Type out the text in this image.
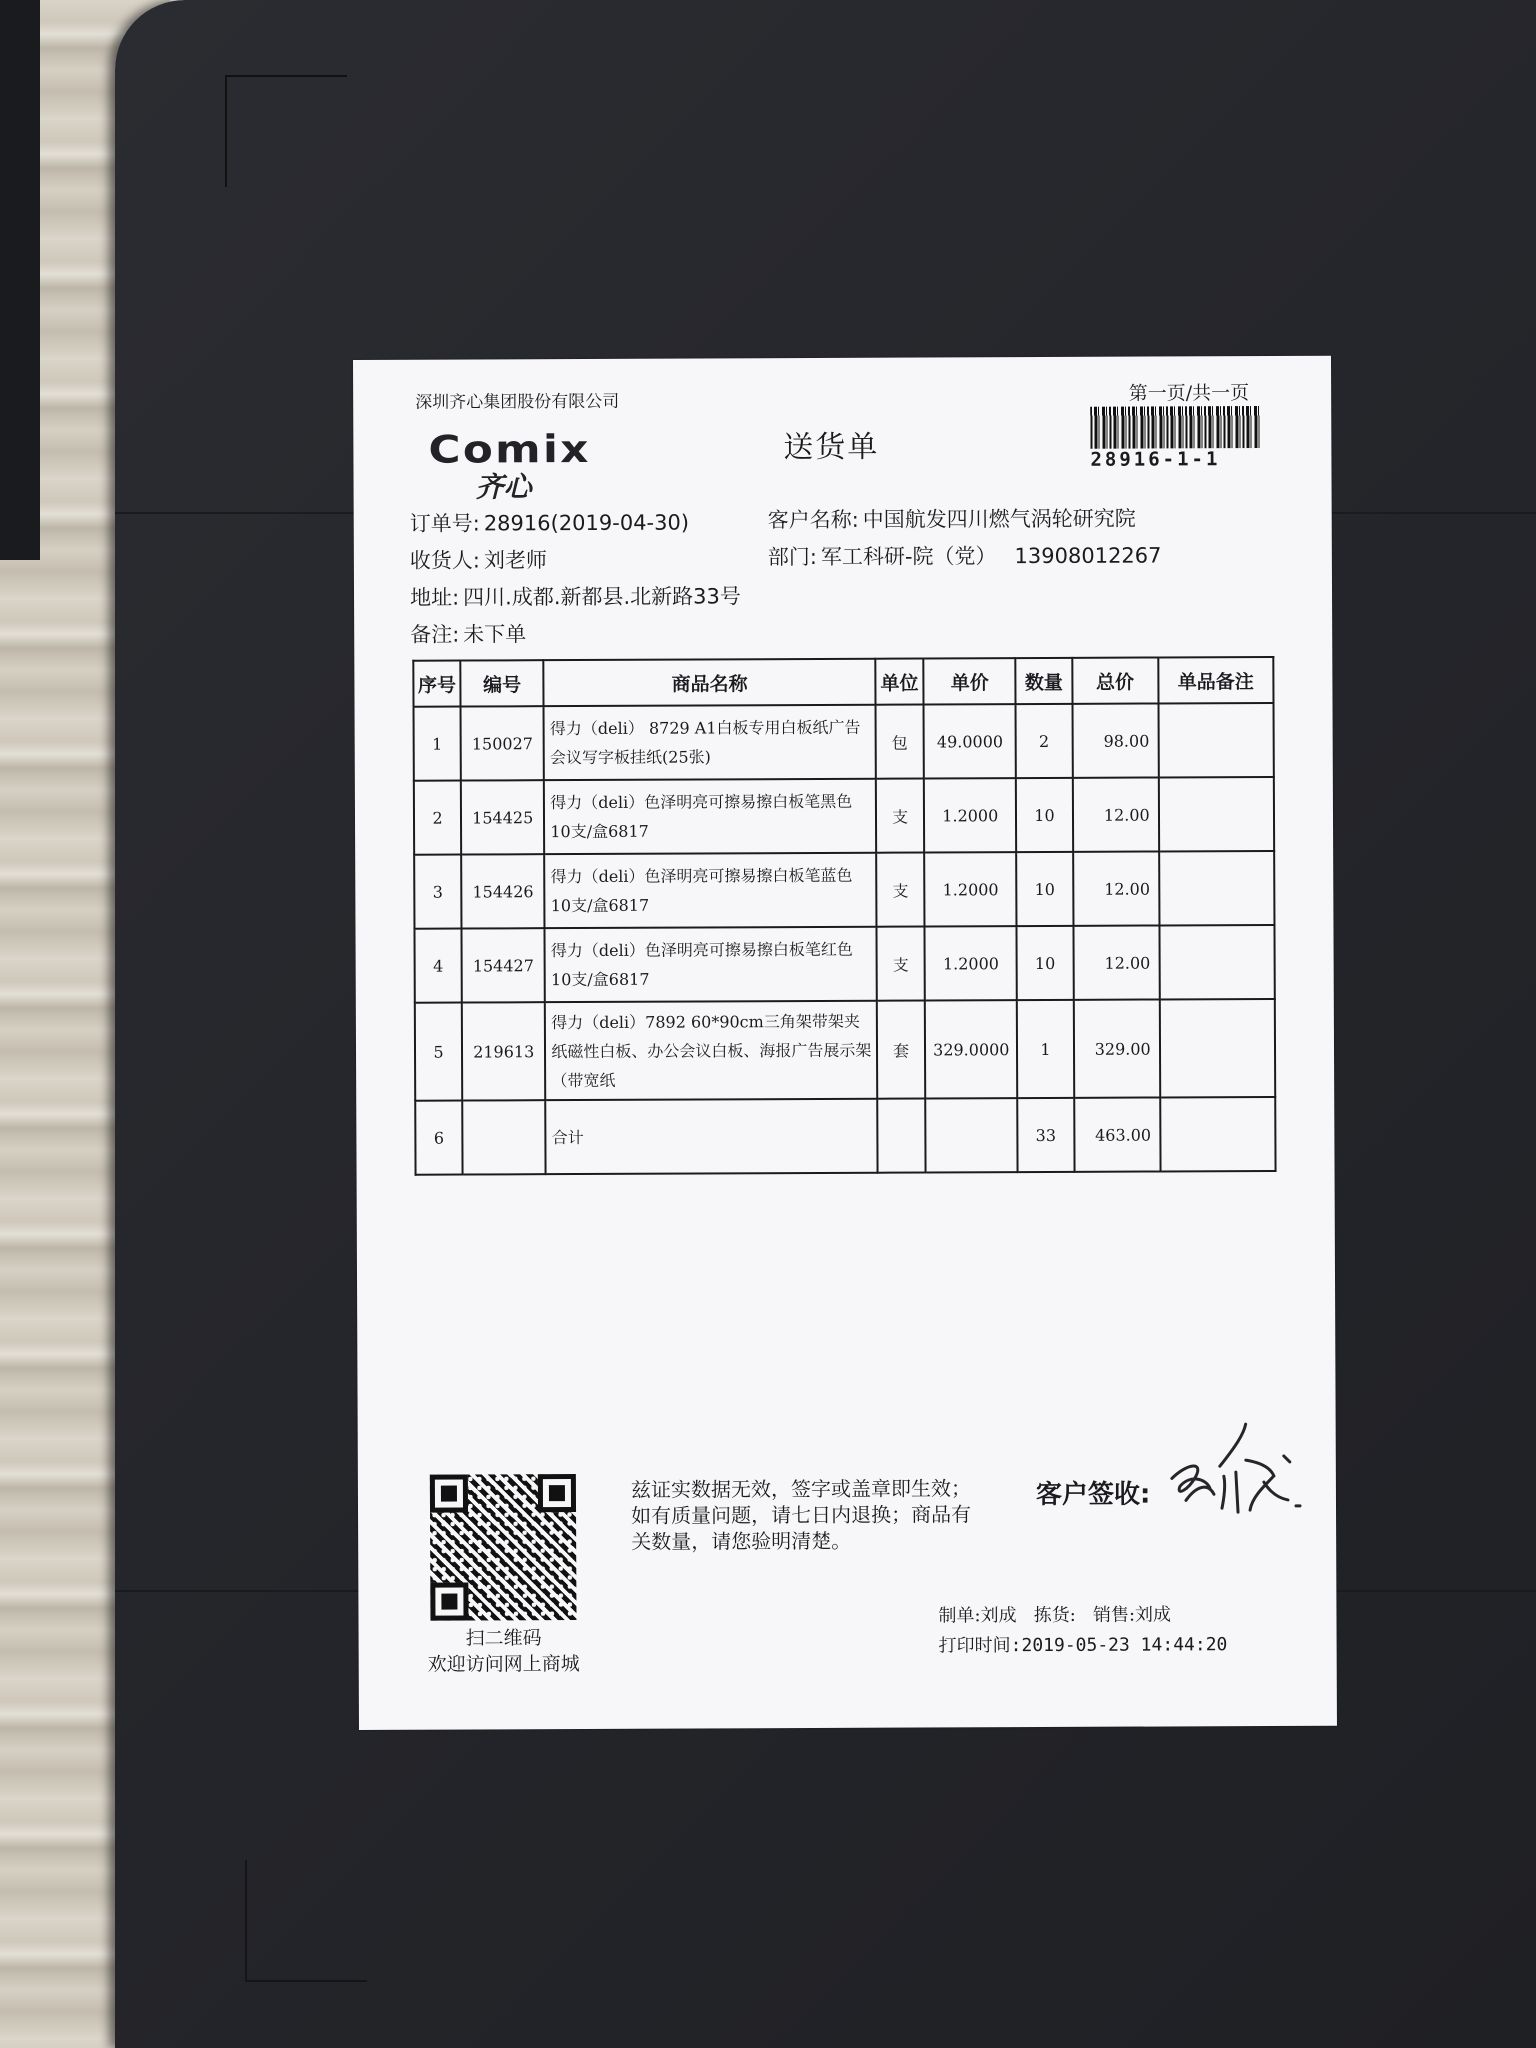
深圳齐心集团股份有限公司	第一页/共一页
28916-1-1
Comix
齐心
送货单
订单号: 28916(2019-04-30)
收货人: 刘老师
地址: 四川.成都.新都县.北新路33号
备注: 未下单
客户名称: 中国航发四川燃气涡轮研究院
部门: 军工科研-院（党） 13908012267
序号	编号	商品名称	单位	单价	数量	总价	单品备注
1	150027	得力（deli） 8729 A1白板专用白板纸广告会议写字板挂纸(25张)	包	49.0000	2	98.00	
2	154425	得力（deli）色泽明亮可擦易擦白板笔黑色 10支/盒6817	支	1.2000	10	12.00	
3	154426	得力（deli）色泽明亮可擦易擦白板笔蓝色 10支/盒6817	支	1.2000	10	12.00	
4	154427	得力（deli）色泽明亮可擦易擦白板笔红色 10支/盒6817	支	1.2000	10	12.00	
5	219613	得力（deli）7892 60*90cm三角架带架夹纸磁性白板、办公会议白板、海报广告展示架（带宽纸	套	329.0000	1	329.00	
6		合计			33	463.00	
扫二维码
欢迎访问网上商城
兹证实数据无效，签字或盖章即生效；如有质量问题，请七日内退换；商品有关数量，请您验明清楚。
客户签收:
制单:刘成   拣货:   销售:刘成
打印时间:2019-05-23 14:44:20
